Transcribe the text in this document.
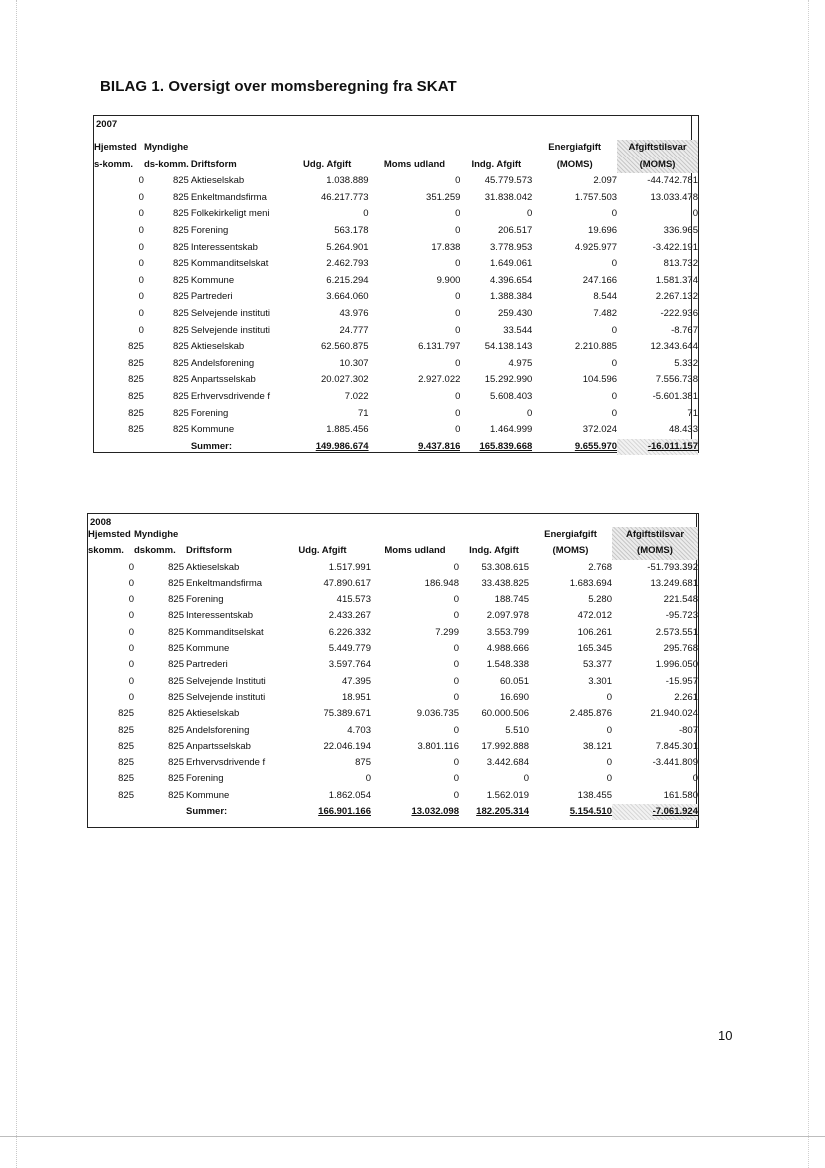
BILAG 1. Oversigt over momsberegning fra SKAT
2007
Hjemsted	Myndighe					Energiafgift	Afgiftstilsvar
s-komm.	ds-komm.	Driftsform	Udg. Afgift	Moms udland	Indg. Afgift	(MOMS)	(MOMS)
0	825	Aktieselskab	1.038.889	0	45.779.573	2.097	-44.742.781
0	825	Enkeltmandsfirma	46.217.773	351.259	31.838.042	1.757.503	13.033.478
0	825	Folkekirkeligt meni	0	0	0	0	0
0	825	Forening	563.178	0	206.517	19.696	336.965
0	825	Interessentskab	5.264.901	17.838	3.778.953	4.925.977	-3.422.191
0	825	Kommanditselskat	2.462.793	0	1.649.061	0	813.732
0	825	Kommune	6.215.294	9.900	4.396.654	247.166	1.581.374
0	825	Partrederi	3.664.060	0	1.388.384	8.544	2.267.132
0	825	Selvejende instituti	43.976	0	259.430	7.482	-222.936
0	825	Selvejende instituti	24.777	0	33.544	0	-8.767
825	825	Aktieselskab	62.560.875	6.131.797	54.138.143	2.210.885	12.343.644
825	825	Andelsforening	10.307	0	4.975	0	5.332
825	825	Anpartsselskab	20.027.302	2.927.022	15.292.990	104.596	7.556.738
825	825	Erhvervsdrivende f	7.022	0	5.608.403	0	-5.601.381
825	825	Forening	71	0	0	0	71
825	825	Kommune	1.885.456	0	1.464.999	372.024	48.433
		Summer:	149.986.674	9.437.816	165.839.668	9.655.970	-16.011.157
2008
Hjemsted	Myndighe					Energiafgift	Afgiftstilsvar
skomm.	dskomm.	Driftsform	Udg. Afgift	Moms udland	Indg. Afgift	(MOMS)	(MOMS)
0	825	Aktieselskab	1.517.991	0	53.308.615	2.768	-51.793.392
0	825	Enkeltmandsfirma	47.890.617	186.948	33.438.825	1.683.694	13.249.681
0	825	Forening	415.573	0	188.745	5.280	221.548
0	825	Interessentskab	2.433.267	0	2.097.978	472.012	-95.723
0	825	Kommanditselskat	6.226.332	7.299	3.553.799	106.261	2.573.551
0	825	Kommune	5.449.779	0	4.988.666	165.345	295.768
0	825	Partrederi	3.597.764	0	1.548.338	53.377	1.996.050
0	825	Selvejende Instituti	47.395	0	60.051	3.301	-15.957
0	825	Selvejende instituti	18.951	0	16.690	0	2.261
825	825	Aktieselskab	75.389.671	9.036.735	60.000.506	2.485.876	21.940.024
825	825	Andelsforening	4.703	0	5.510	0	-807
825	825	Anpartsselskab	22.046.194	3.801.116	17.992.888	38.121	7.845.301
825	825	Erhvervsdrivende f	875	0	3.442.684	0	-3.441.809
825	825	Forening	0	0	0	0	0
825	825	Kommune	1.862.054	0	1.562.019	138.455	161.580
		Summer:	166.901.166	13.032.098	182.205.314	5.154.510	-7.061.924
10
